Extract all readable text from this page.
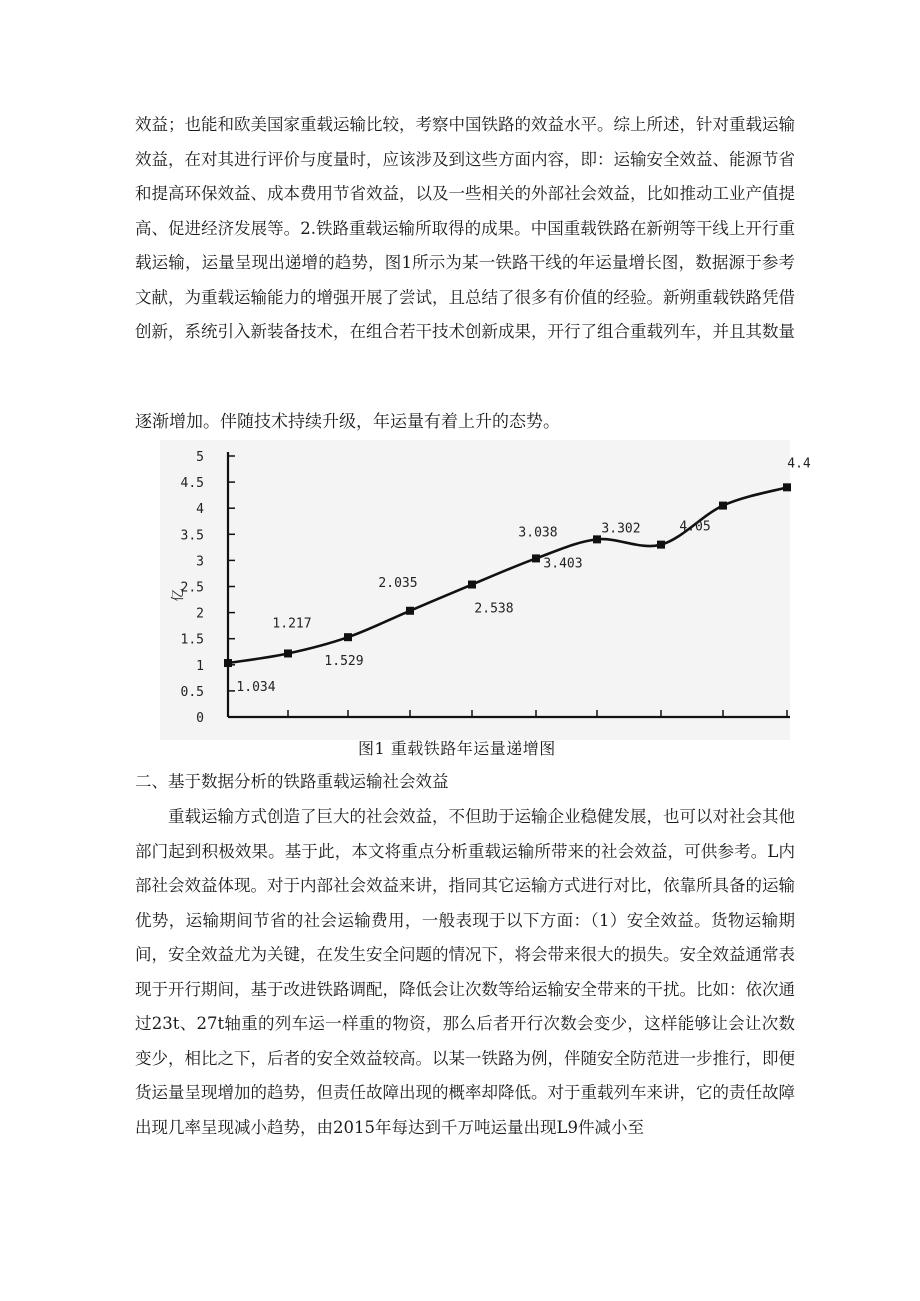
效益；也能和欧美国家重载运输比较，考察中国铁路的效益水平。综上所述，针对重载运输效益，在对其进行评价与度量时，应该涉及到这些方面内容，即：运输安全效益、能源节省和提高环保效益、成本费用节省效益，以及一些相关的外部社会效益，比如推动工业产值提高、促进经济发展等。2.铁路重载运输所取得的成果。中国重载铁路在新朔等干线上开行重载运输，运量呈现出递增的趋势，图1所示为某一铁路干线的年运量增长图，数据源于参考文献，为重载运输能力的增强开展了尝试，且总结了很多有价值的经验。新朔重载铁路凭借创新，系统引入新装备技术，在组合若干技术创新成果，开行了组合重载列车，并且其数量

逐渐增加。伴随技术持续升级，年运量有着上升的态势。

0
0.5
1
1.5
2
2.5
3
3.5
4
4.5
5
亿
1.034
1.217
1.529
2.035
2.538
3.038
3.403
3.302	4.05
4.4

图1 重载铁路年运量递增图

二、基于数据分析的铁路重载运输社会效益

重载运输方式创造了巨大的社会效益，不但助于运输企业稳健发展，也可以对社会其他部门起到积极效果。基于此，本文将重点分析重载运输所带来的社会效益，可供参考。L内部社会效益体现。对于内部社会效益来讲，指同其它运输方式进行对比，依靠所具备的运输优势，运输期间节省的社会运输费用，一般表现于以下方面：（1）安全效益。货物运输期间，安全效益尤为关键，在发生安全问题的情况下，将会带来很大的损失。安全效益通常表现于开行期间，基于改进铁路调配，降低会让次数等给运输安全带来的干扰。比如：依次通过23t、27t轴重的列车运一样重的物资，那么后者开行次数会变少，这样能够让会让次数变少，相比之下，后者的安全效益较高。以某一铁路为例，伴随安全防范进一步推行，即便货运量呈现增加的趋势，但责任故障出现的概率却降低。对于重载列车来讲，它的责任故障出现几率呈现减小趋势，由2015年每达到千万吨运量出现L9件减小至
